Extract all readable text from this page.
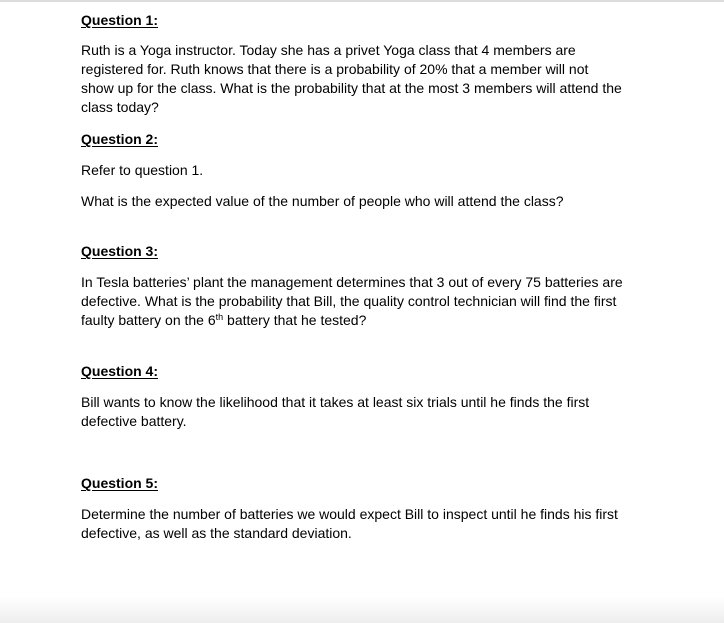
Question 1:
Ruth is a Yoga instructor. Today she has a privet Yoga class that 4 members are
registered for. Ruth knows that there is a probability of 20% that a member will not
show up for the class. What is the probability that at the most 3 members will attend the
class today?
Question 2:
Refer to question 1.
What is the expected value of the number of people who will attend the class?
Question 3:
In Tesla batteries’ plant the management determines that 3 out of every 75 batteries are
defective. What is the probability that Bill, the quality control technician will find the first
faulty battery on the 6th battery that he tested?
Question 4:
Bill wants to know the likelihood that it takes at least six trials until he finds the first
defective battery.
Question 5:
Determine the number of batteries we would expect Bill to inspect until he finds his first
defective, as well as the standard deviation.
